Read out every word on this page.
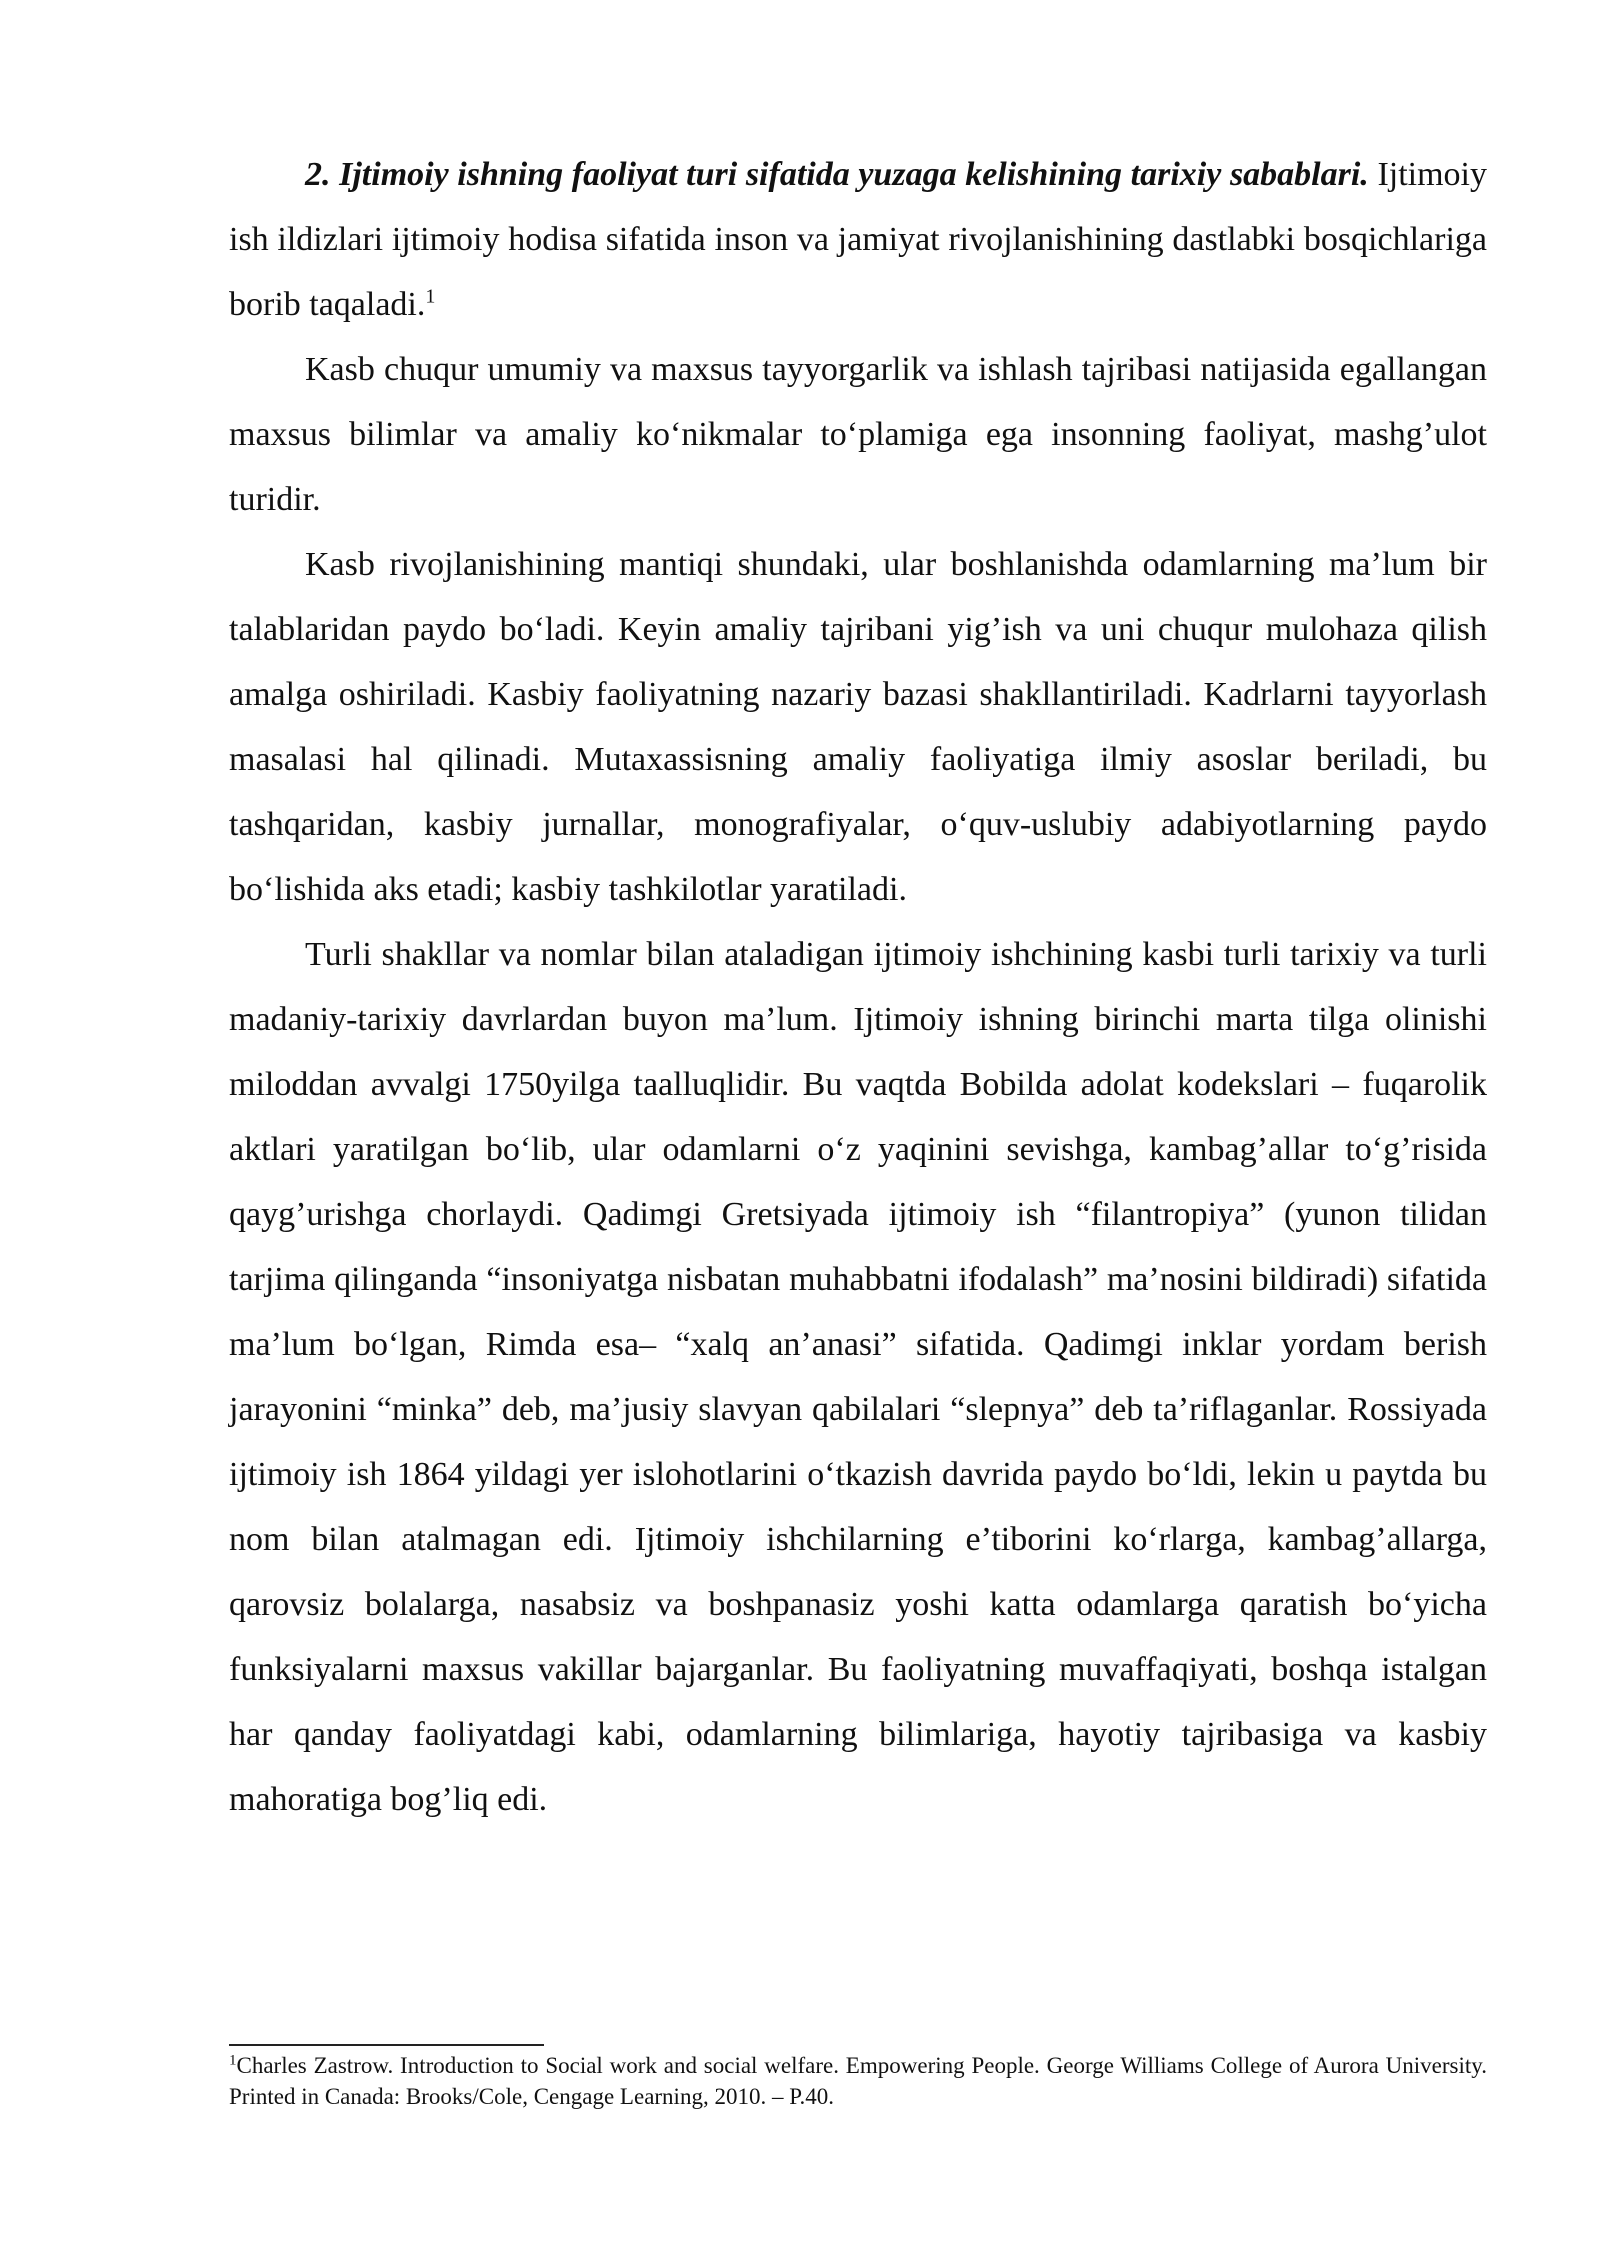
2. Ijtimoiy ishning faoliyat turi sifatida yuzaga kelishining tarixiy sabablari. Ijtimoiy ish ildizlari ijtimoiy hodisa sifatida inson va jamiyat rivojlanishining dastlabki bosqichlariga borib taqaladi.$^1$

Kasb chuqur umumiy va maxsus tayyorgarlik va ishlash tajribasi natijasida egallangan maxsus bilimlar va amaliy ko‘nikmalar to‘plamiga ega insonning faoliyat, mashg’ulot turidir.

Kasb rivojlanishining mantiqi shundaki, ular boshlanishda odamlarning ma’lum bir talablaridan paydo bo‘ladi. Keyin amaliy tajribani yig’ish va uni chuqur mulohaza qilish amalga oshiriladi. Kasbiy faoliyatning nazariy bazasi shakllantiriladi. Kadrlarni tayyorlash masalasi hal qilinadi. Mutaxassisning amaliy faoliyatiga ilmiy asoslar beriladi, bu tashqaridan, kasbiy jurnallar, monografiyalar, o‘quv-uslubiy adabiyotlarning paydo bo‘lishida aks etadi; kasbiy tashkilotlar yaratiladi.

Turli shakllar va nomlar bilan ataladigan ijtimoiy ishchining kasbi turli tarixiy va turli madaniy-tarixiy davrlardan buyon ma’lum. Ijtimoiy ishning birinchi marta tilga olinishi miloddan avvalgi 1750yilga taalluqlidir. Bu vaqtda Bobilda adolat kodekslari – fuqarolik aktlari yaratilgan bo‘lib, ular odamlarni o‘z yaqinini sevishga, kambag’allar to‘g’risida qayg’urishga chorlaydi. Qadimgi Gretsiyada ijtimoiy ish “filantropiya” (yunon tilidan tarjima qilinganda “insoniyatga nisbatan muhabbatni ifodalash” ma’nosini bildiradi) sifatida ma’lum bo‘lgan, Rimda esa– “xalq an’anasi” sifatida. Qadimgi inklar yordam berish jarayonini “minka” deb, ma’jusiy slavyan qabilalari “slepnya” deb ta’riflaganlar. Rossiyada ijtimoiy ish 1864 yildagi yer islohotlarini o‘tkazish davrida paydo bo‘ldi, lekin u paytda bu nom bilan atalmagan edi. Ijtimoiy ishchilarning e’tiborini ko‘rlarga, kambag’allarga, qarovsiz bolalarga, nasabsiz va boshpanasiz yoshi katta odamlarga qaratish bo‘yicha funksiyalarni maxsus vakillar bajarganlar. Bu faoliyatning muvaffaqiyati, boshqa istalgan har qanday faoliyatdagi kabi, odamlarning bilimlariga, hayotiy tajribasiga va kasbiy mahoratiga bog’liq edi.

$^1$Charles Zastrow. Introduction to Social work and social welfare. Empowering People. George Williams College of Aurora University. Printed in Canada: Brooks/Cole, Cengage Learning, 2010. – P.40.
